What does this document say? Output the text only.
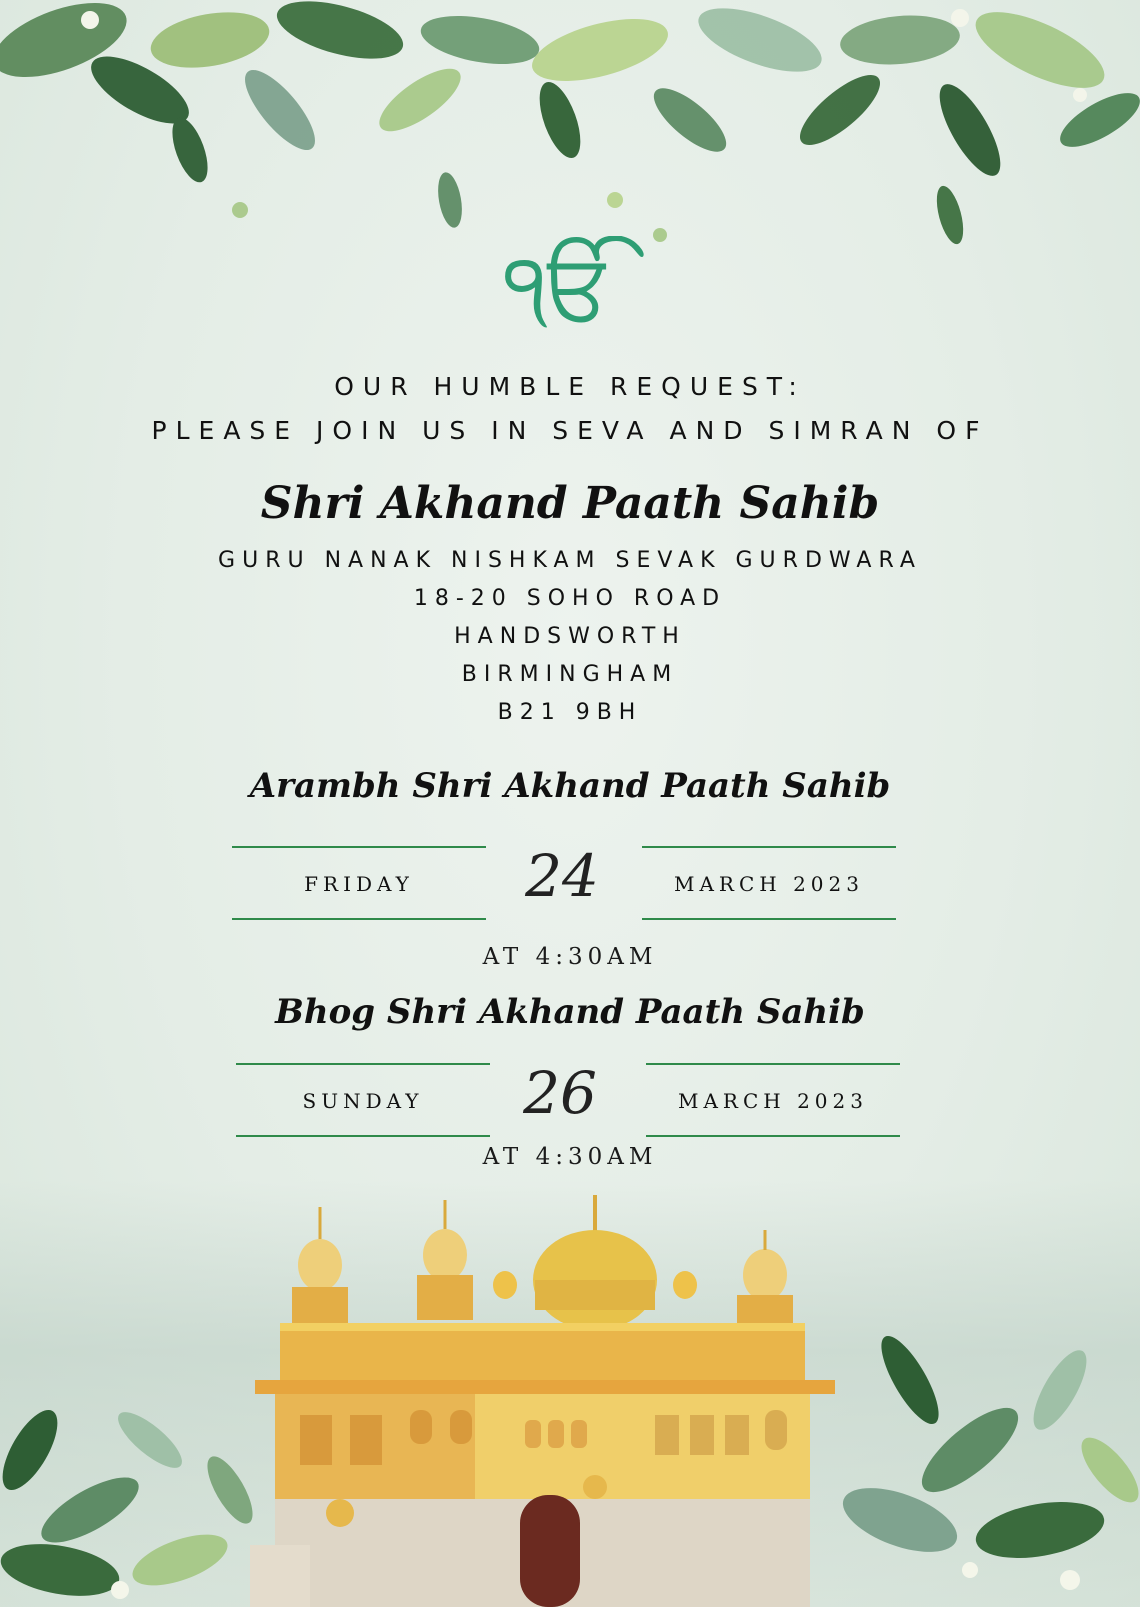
ੴ
OUR HUMBLE REQUEST:
PLEASE JOIN US IN SEVA AND SIMRAN OF
Shri Akhand Paath Sahib
GURU NANAK NISHKAM SEVAK GURDWARA
18-20 SOHO ROAD
HANDSWORTH
BIRMINGHAM
B21 9BH
Arambh Shri Akhand Paath Sahib
FRIDAY	24	MARCH 2023
AT 4:30AM
Bhog Shri Akhand Paath Sahib
SUNDAY	26	MARCH 2023
AT 4:30AM
